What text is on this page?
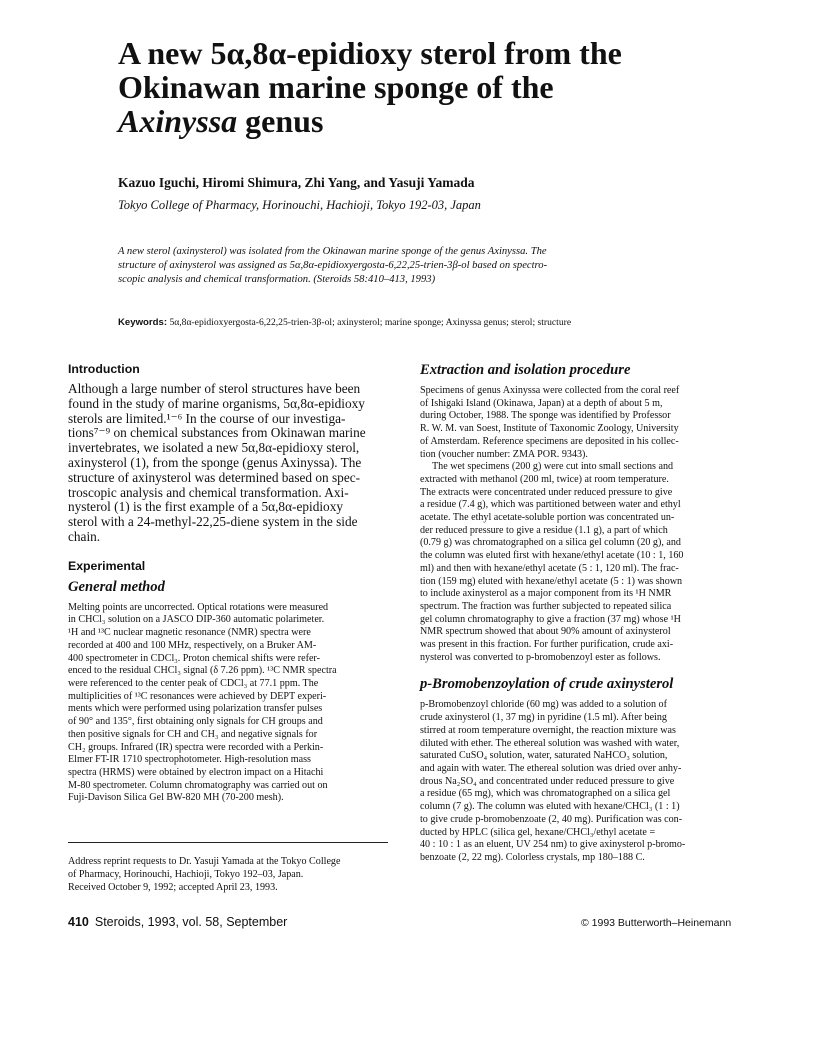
A new 5α,8α-epidioxy sterol from the
Okinawan marine sponge of the
Axinyssa genus
Kazuo Iguchi, Hiromi Shimura, Zhi Yang, and Yasuji Yamada
Tokyo College of Pharmacy, Horinouchi, Hachioji, Tokyo 192-03, Japan
A new sterol (axinysterol) was isolated from the Okinawan marine sponge of the genus Axinyssa. The
structure of axinysterol was assigned as 5α,8α-epidioxyergosta-6,22,25-trien-3β-ol based on spectro-
scopic analysis and chemical transformation. (Steroids 58:410–413, 1993)
Keywords: 5α,8α-epidioxyergosta-6,22,25-trien-3β-ol; axinysterol; marine sponge; Axinyssa genus; sterol; structure
Introduction

Although a large number of sterol structures have been
found in the study of marine organisms, 5α,8α-epidioxy
sterols are limited.¹⁻⁶ In the course of our investiga-
tions⁷⁻⁹ on chemical substances from Okinawan marine
invertebrates, we isolated a new 5α,8α-epidioxy sterol,
axinysterol (1), from the sponge (genus Axinyssa). The
structure of axinysterol was determined based on spec-
troscopic analysis and chemical transformation. Axi-
nysterol (1) is the first example of a 5α,8α-epidioxy
sterol with a 24-methyl-22,25-diene system in the side
chain.

Experimental
General method

Melting points are uncorrected. Optical rotations were measured
in CHCl₃ solution on a JASCO DIP-360 automatic polarimeter.
¹H and ¹³C nuclear magnetic resonance (NMR) spectra were
recorded at 400 and 100 MHz, respectively, on a Bruker AM-
400 spectrometer in CDCl₃. Proton chemical shifts were refer-
enced to the residual CHCl₃ signal (δ 7.26 ppm). ¹³C NMR spectra
were referenced to the center peak of CDCl₃ at 77.1 ppm. The
multiplicities of ¹³C resonances were achieved by DEPT experi-
ments which were performed using polarization transfer pulses
of 90° and 135°, first obtaining only signals for CH groups and
then positive signals for CH and CH₃ and negative signals for
CH₂ groups. Infrared (IR) spectra were recorded with a Perkin-
Elmer FT-IR 1710 spectrophotometer. High-resolution mass
spectra (HRMS) were obtained by electron impact on a Hitachi
M-80 spectrometer. Column chromatography was carried out on
Fuji-Davison Silica Gel BW-820 MH (70-200 mesh).

Extraction and isolation procedure

Specimens of genus Axinyssa were collected from the coral reef
of Ishigaki Island (Okinawa, Japan) at a depth of about 5 m,
during October, 1988. The sponge was identified by Professor
R. W. M. van Soest, Institute of Taxonomic Zoology, University
of Amsterdam. Reference specimens are deposited in his collec-
tion (voucher number: ZMA POR. 9343).
The wet specimens (200 g) were cut into small sections and
extracted with methanol (200 ml, twice) at room temperature.
The extracts were concentrated under reduced pressure to give
a residue (7.4 g), which was partitioned between water and ethyl
acetate. The ethyl acetate-soluble portion was concentrated un-
der reduced pressure to give a residue (1.1 g), a part of which
(0.79 g) was chromatographed on a silica gel column (20 g), and
the column was eluted first with hexane/ethyl acetate (10 : 1, 160
ml) and then with hexane/ethyl acetate (5 : 1, 120 ml). The frac-
tion (159 mg) eluted with hexane/ethyl acetate (5 : 1) was shown
to include axinysterol as a major component from its ¹H NMR
spectrum. The fraction was further subjected to repeated silica
gel column chromatography to give a fraction (37 mg) whose ¹H
NMR spectrum showed that about 90% amount of axinysterol
was present in this fraction. For further purification, crude axi-
nysterol was converted to p-bromobenzoyl ester as follows.

p-Bromobenzoylation of crude axinysterol

p-Bromobenzoyl chloride (60 mg) was added to a solution of
crude axinysterol (1, 37 mg) in pyridine (1.5 ml). After being
stirred at room temperature overnight, the reaction mixture was
diluted with ether. The ethereal solution was washed with water,
saturated CuSO₄ solution, water, saturated NaHCO₃ solution,
and again with water. The ethereal solution was dried over anhy-
drous Na₂SO₄ and concentrated under reduced pressure to give
a residue (65 mg), which was chromatographed on a silica gel
column (7 g). The column was eluted with hexane/CHCl₃ (1 : 1)
to give crude p-bromobenzoate (2, 40 mg). Purification was con-
ducted by HPLC (silica gel, hexane/CHCl₃/ethyl acetate =
40 : 10 : 1 as an eluent, UV 254 nm) to give axinysterol p-bromo-
benzoate (2, 22 mg). Colorless crystals, mp 180–188 C.

Address reprint requests to Dr. Yasuji Yamada at the Tokyo College
of Pharmacy, Horinouchi, Hachioji, Tokyo 192–03, Japan.
Received October 9, 1992; accepted April 23, 1993.
410 Steroids, 1993, vol. 58, September	© 1993 Butterworth–Heinemann
